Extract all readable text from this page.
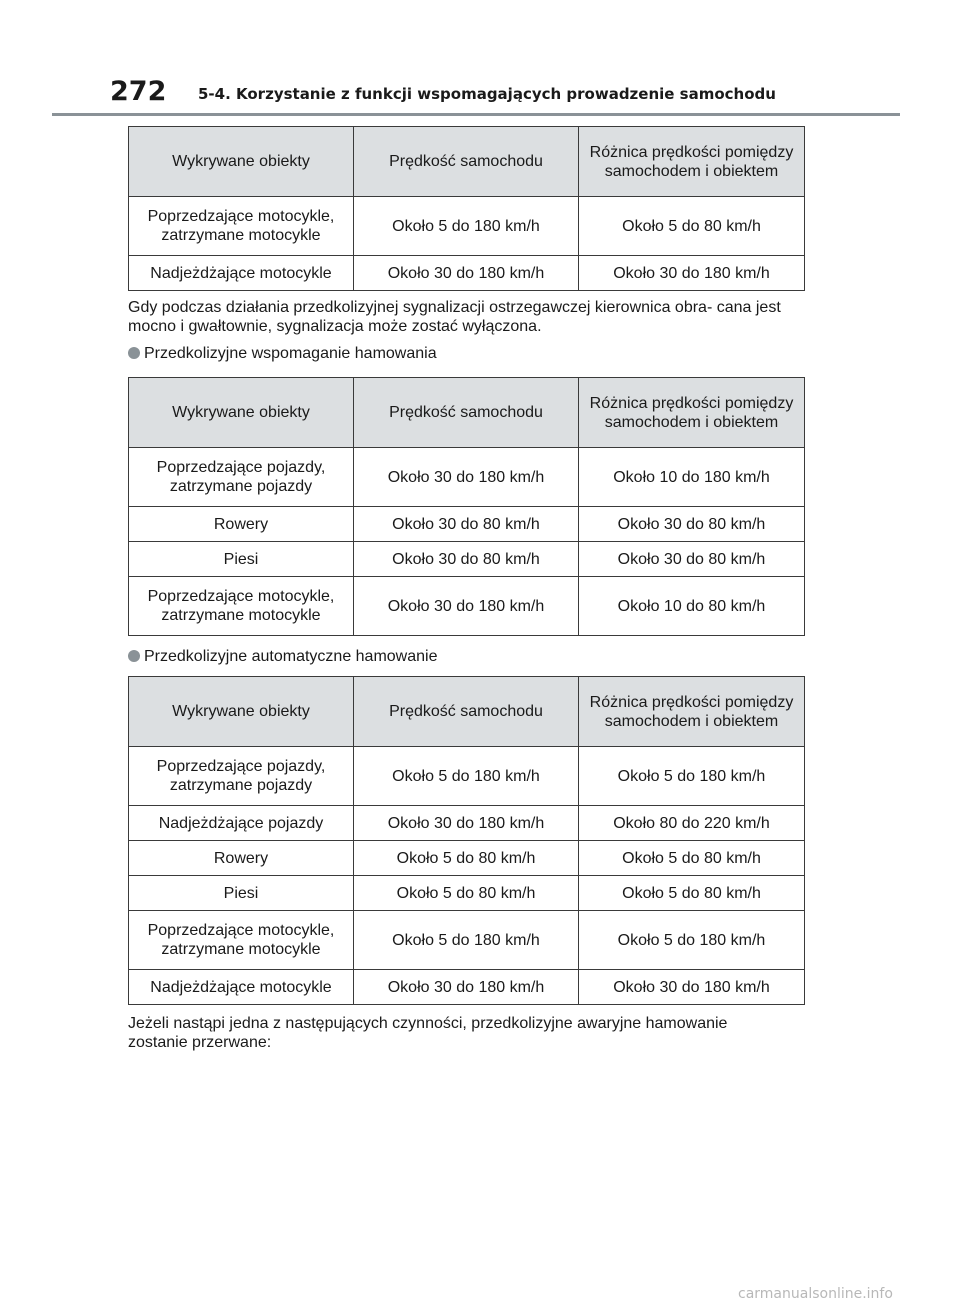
272 5-4. Korzystanie z funkcji wspomagających prowadzenie samochodu
Wykrywane obiekty	Prędkość samochodu	Różnica prędkości pomiędzy samochodem i obiektem
Poprzedzające motocykle, zatrzymane motocykle	Około 5 do 180 km/h	Około 5 do 80 km/h
Nadjeżdżające motocykle	Około 30 do 180 km/h	Około 30 do 180 km/h
Gdy podczas działania przedkolizyjnej sygnalizacji ostrzegawczej kierownica obra- cana jest mocno i gwałtownie, sygnalizacja może zostać wyłączona.
Przedkolizyjne wspomaganie hamowania
Wykrywane obiekty	Prędkość samochodu	Różnica prędkości pomiędzy samochodem i obiektem
Poprzedzające pojazdy, zatrzymane pojazdy	Około 30 do 180 km/h	Około 10 do 180 km/h
Rowery	Około 30 do 80 km/h	Około 30 do 80 km/h
Piesi	Około 30 do 80 km/h	Około 30 do 80 km/h
Poprzedzające motocykle, zatrzymane motocykle	Około 30 do 180 km/h	Około 10 do 80 km/h
Przedkolizyjne automatyczne hamowanie
Wykrywane obiekty	Prędkość samochodu	Różnica prędkości pomiędzy samochodem i obiektem
Poprzedzające pojazdy, zatrzymane pojazdy	Około 5 do 180 km/h	Około 5 do 180 km/h
Nadjeżdżające pojazdy	Około 30 do 180 km/h	Około 80 do 220 km/h
Rowery	Około 5 do 80 km/h	Około 5 do 80 km/h
Piesi	Około 5 do 80 km/h	Około 5 do 80 km/h
Poprzedzające motocykle, zatrzymane motocykle	Około 5 do 180 km/h	Około 5 do 180 km/h
Nadjeżdżające motocykle	Około 30 do 180 km/h	Około 30 do 180 km/h
Jeżeli nastąpi jedna z następujących czynności, przedkolizyjne awaryjne hamowanie zostanie przerwane:
carmanualsonline.info
